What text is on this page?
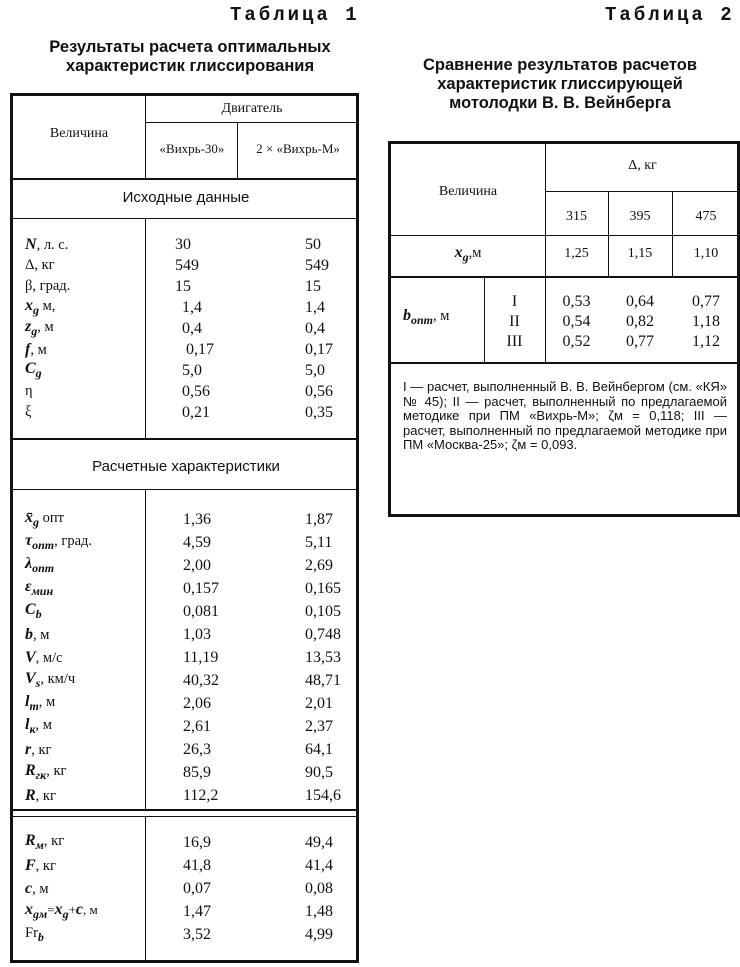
Таблица 1
Результаты расчета оптимальных
характеристик глиссирования
Величина
Двигатель
«Вихрь-30»	2 × «Вихрь-М»
Исходные данные
N, л. с.	30	50
Δ, кг	549	549
β, град.	15	15
$x_g$ м,	1,4	1,4
$z_g$, м	0,4	0,4
f, м	0,17	0,17
$C_g$	5,0	5,0
η	0,56	0,56
ξ	0,21	0,35
Расчетные характеристики
$x̄_g$ опт	1,36	1,87
$\tau_{опт}$, град.	4,59	5,11
$\lambda_{опт}$	2,00	2,69
$\varepsilon_{мин}$	0,157	0,165
$C_b$	0,081	0,105
b, м	1,03	0,748
V, м/с	11,19	13,53
$V_s$, км/ч	40,32	48,71
$l_m$, м	2,06	2,01
$l_к$, м	2,61	2,37
r, кг	26,3	64,1
$R_{гк}$, кг	85,9	90,5
R, кг	112,2	154,6
$R_м$, кг	16,9	49,4
F, кг	41,8	41,4
c, м	0,07	0,08
$x_{gм}=x_g+c$, м	1,47	1,48
$Fr_b$	3,52	4,99
Таблица 2
Сравнение результатов расчетов
характеристик глиссирующей
мотолодки В. В. Вейнберга
Величина
Δ, кг
315	395	475
$x_g,м$	1,25	1,15	1,10
$b_{опт}$, м
I	0,53	0,64	0,77
II	0,54	0,82	1,18
III	0,52	0,77	1,12
I — расчет, выполненный В. В. Вейнбергом (см. «КЯ» № 45); II — расчет, выполненный по предлагаемой методике при ПМ «Вихрь-М»; ζм = 0,118; III — расчет, выполненный по предлагаемой методике при ПМ «Москва-25»; ζм = 0,093.
